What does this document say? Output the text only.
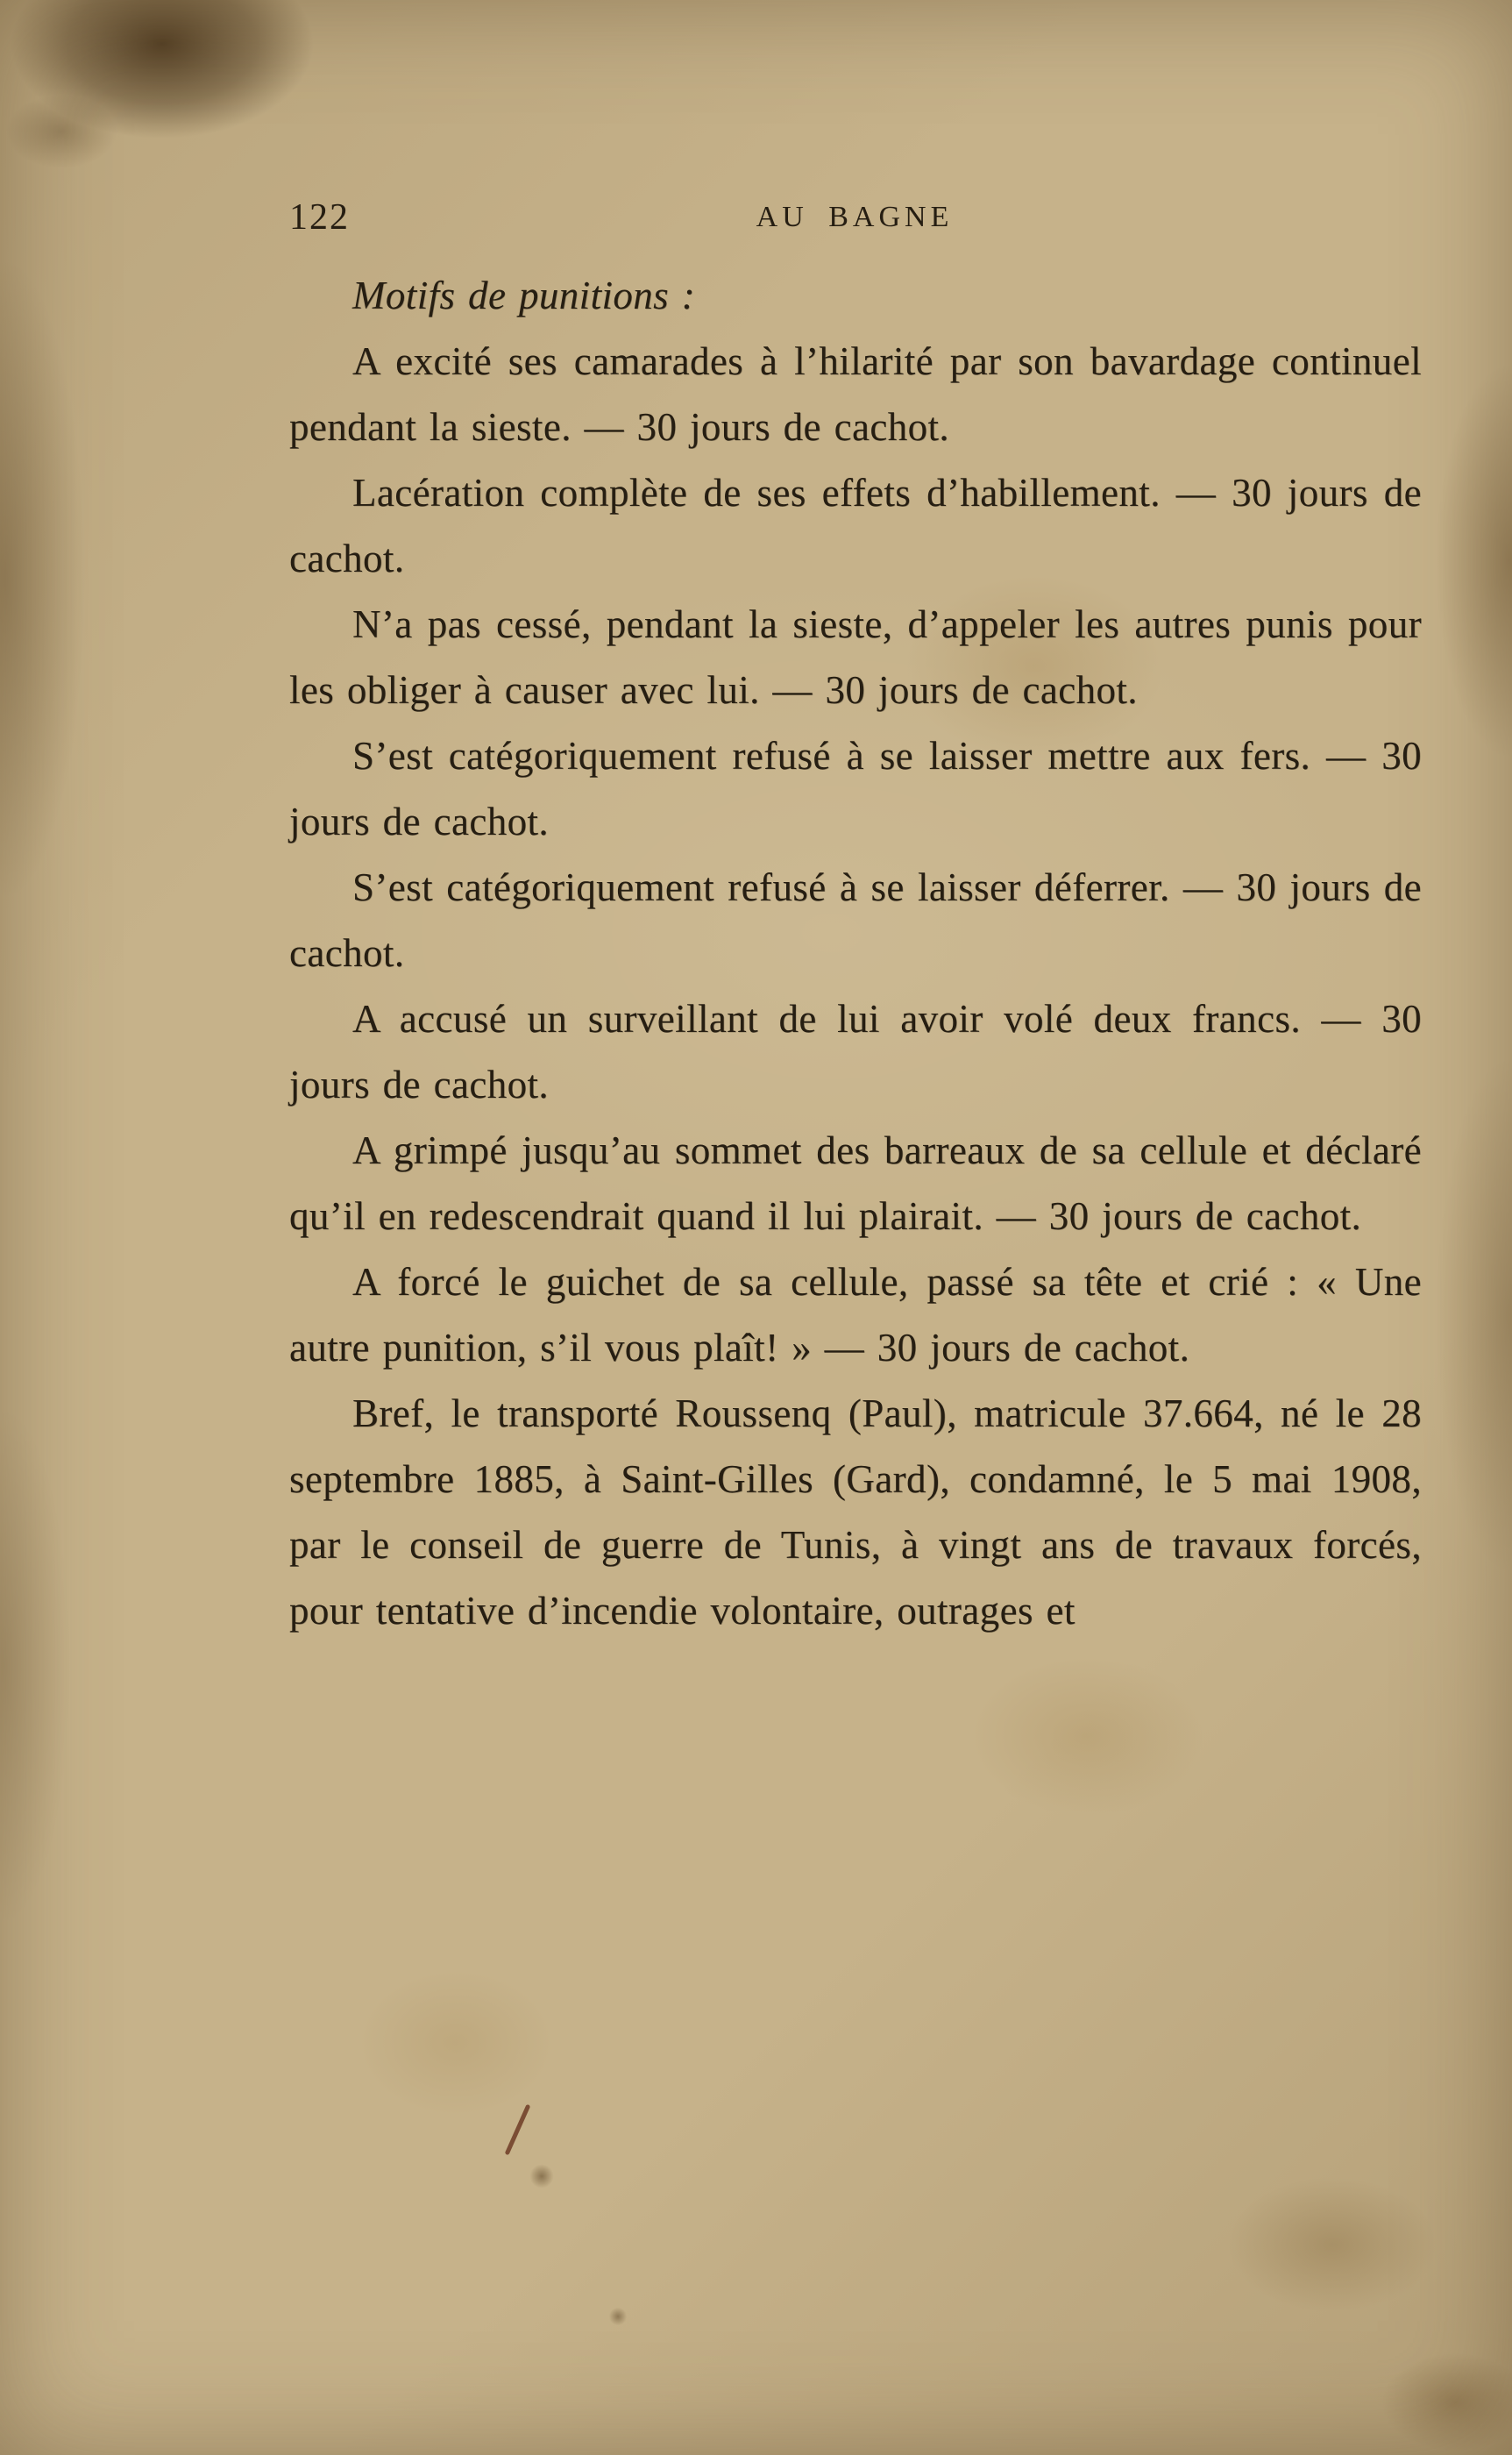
122	AU BAGNE

Motifs de punitions :

A excité ses camarades à l’hilarité par son bavardage continuel pendant la sieste. — 30 jours de cachot.

Lacération complète de ses effets d’habillement. — 30 jours de cachot.

N’a pas cessé, pendant la sieste, d’appeler les autres punis pour les obliger à causer avec lui. — 30 jours de cachot.

S’est catégoriquement refusé à se laisser mettre aux fers. — 30 jours de cachot.

S’est catégoriquement refusé à se laisser déferrer. — 30 jours de cachot.

A accusé un surveillant de lui avoir volé deux francs. — 30 jours de cachot.

A grimpé jusqu’au sommet des barreaux de sa cellule et déclaré qu’il en redescendrait quand il lui plairait. — 30 jours de cachot.

A forcé le guichet de sa cellule, passé sa tête et crié : « Une autre punition, s’il vous plaît! » — 30 jours de cachot.

Bref, le transporté Roussenq (Paul), matricule 37.664, né le 28 septembre 1885, à Saint-Gilles (Gard), condamné, le 5 mai 1908, par le conseil de guerre de Tunis, à vingt ans de travaux forcés, pour tentative d’incendie volontaire, outrages et
